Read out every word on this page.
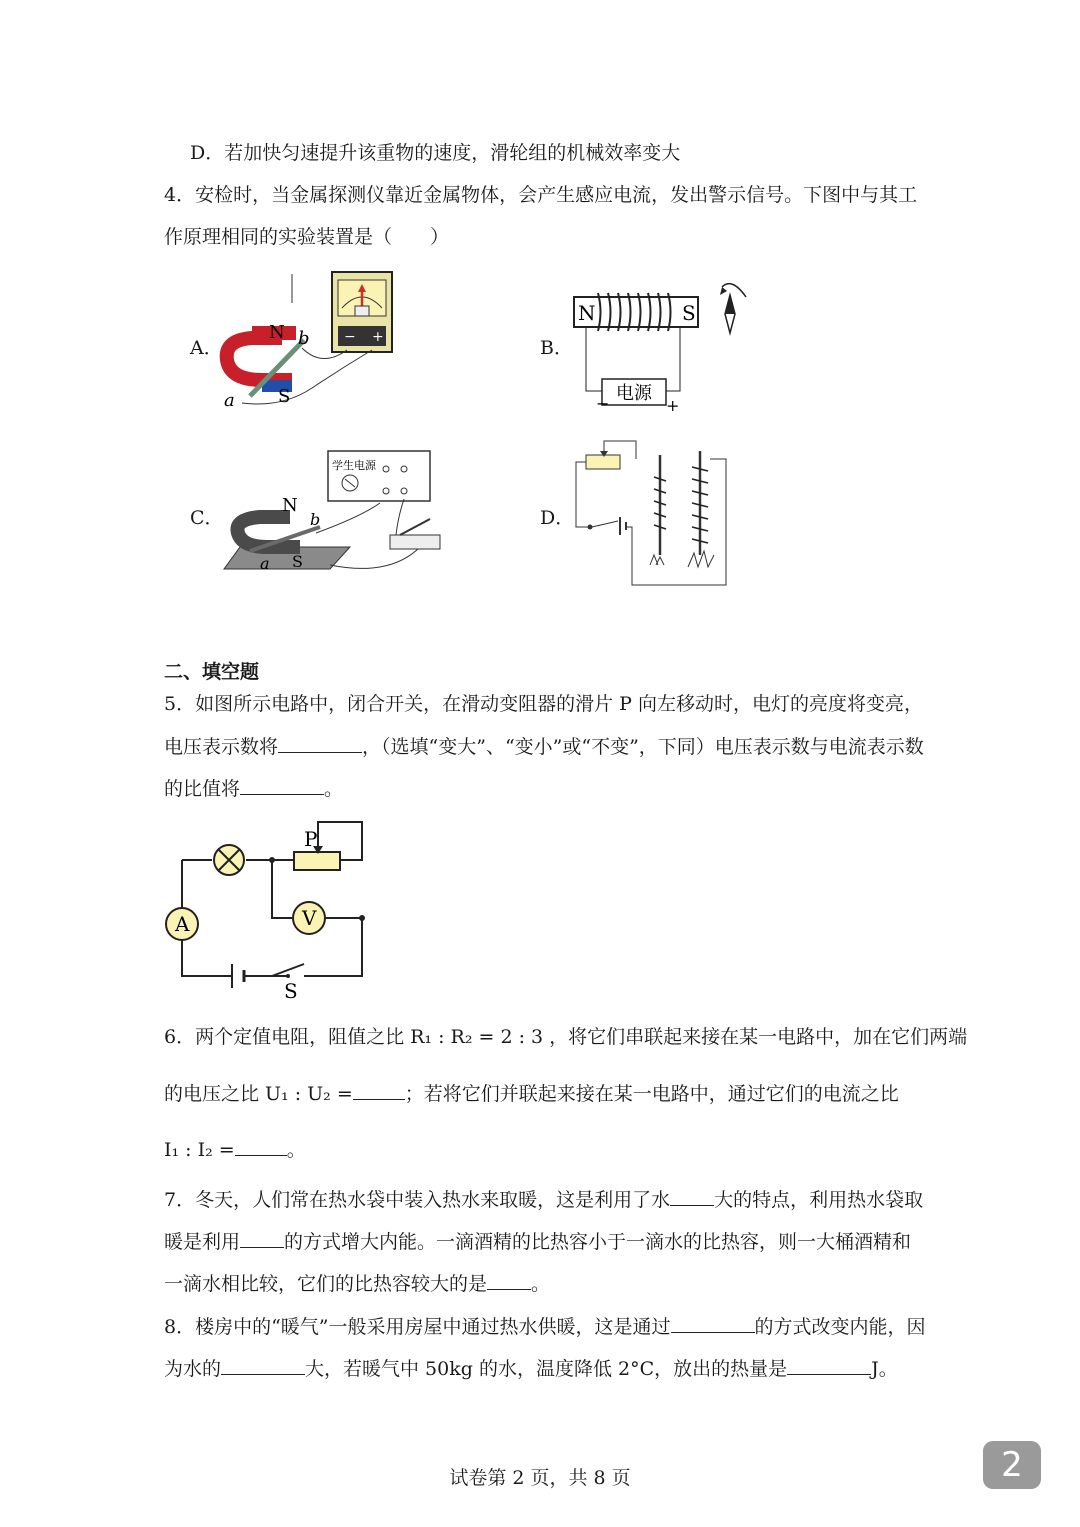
D．若加快匀速提升该重物的速度，滑轮组的机械效率变大
4．安检时，当金属探测仪靠近金属物体，会产生感应电流，发出警示信号。下图中与其工
作原理相同的实验装置是（　　）
A．	B．
C．	D．
− +
N
S
a
b
N	S
电源
−	+
学生电源
N
S
a
b
二、填空题
5．如图所示电路中，闭合开关，在滑动变阻器的滑片 P 向左移动时，电灯的亮度将变亮，
电压表示数将	，（选填“变大”、“变小”或“不变”，下同）电压表示数与电流表示数
的比值将	。
P
A	V
S
6．两个定值电阻，阻值之比 R₁ : R₂ = 2 : 3 ，将它们串联起来接在某一电路中，加在它们两端
的电压之比 U₁ : U₂ =	；若将它们并联起来接在某一电路中，通过它们的电流之比
I₁ : I₂ =	。
7．冬天，人们常在热水袋中装入热水来取暖，这是利用了水 大的特点，利用热水袋取
暖是利用 的方式增大内能。一滴酒精的比热容小于一滴水的比热容，则一大桶酒精和
一滴水相比较，它们的比热容较大的是 。
8．楼房中的“暖气”一般采用房屋中通过热水供暖，这是通过	的方式改变内能，因
为水的	大，若暖气中 50kg 的水，温度降低 2°C，放出的热量是	J。
试卷第 2 页，共 8 页	2
